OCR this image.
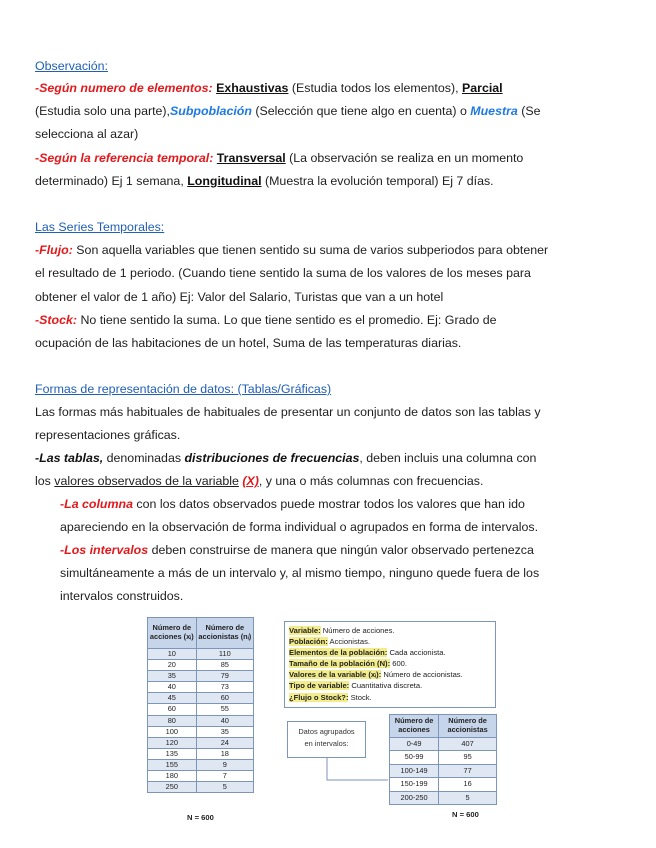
Observación:
-Según numero de elementos: Exhaustivas (Estudia todos los elementos), Parcial
(Estudia solo una parte),Subpoblación (Selección que tiene algo en cuenta) o Muestra (Se
selecciona al azar)
-Según la referencia temporal: Transversal (La observación se realiza en un momento
determinado) Ej 1 semana, Longitudinal (Muestra la evolución temporal) Ej 7 días.
Las Series Temporales:
-Flujo: Son aquella variables que tienen sentido su suma de varios subperiodos para obtener
el resultado de 1 periodo. (Cuando tiene sentido la suma de los valores de los meses para
obtener el valor de 1 año) Ej: Valor del Salario, Turistas que van a un hotel
-Stock: No tiene sentido la suma. Lo que tiene sentido es el promedio. Ej: Grado de
ocupación de las habitaciones de un hotel, Suma de las temperaturas diarias.
Formas de representación de datos: (Tablas/Gráficas)
Las formas más habituales de habituales de presentar un conjunto de datos son las tablas y
representaciones gráficas.
-Las tablas, denominadas distribuciones de frecuencias, deben incluis una columna con
los valores observados de la variable (X), y una o más columnas con frecuencias.
-La columna con los datos observados puede mostrar todos los valores que han ido
apareciendo en la observación de forma individual o agrupados en forma de intervalos.
-Los intervalos deben construirse de manera que ningún valor observado pertenezca
simultáneamente a más de un intervalo y, al mismo tiempo, ninguno quede fuera de los
intervalos construidos.
Número de acciones (xᵢ)	Número de accionistas (nᵢ)
10	110
20	85
35	79
40	73
45	60
60	55
80	40
100	35
120	24
135	18
155	9
180	7
250	5
N = 600
Variable: Número de acciones.
Población: Accionistas.
Elementos de la población: Cada accionista.
Tamaño de la población (N): 600.
Valores de la variable (xᵢ): Número de accionistas.
Tipo de variable: Cuantitativa discreta.
¿Flujo o Stock?: Stock.
Datos agrupados
en intervalos:
Número de acciones	Número de accionistas
0-49	407
50-99	95
100-149	77
150-199	16
200-250	5
N = 600
